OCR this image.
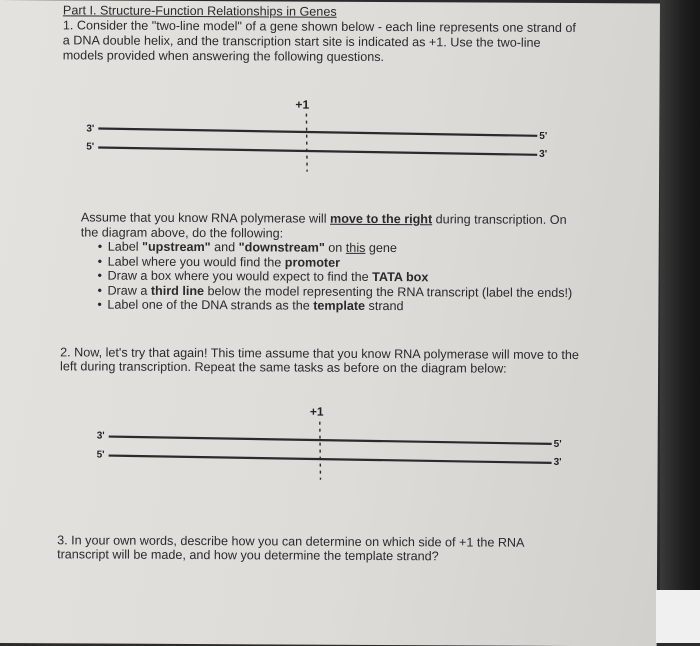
Part I. Structure-Function Relationships in Genes
1. Consider the "two-line model" of a gene shown below - each line represents one strand of
a DNA double helix, and the transcription start site is indicated as +1. Use the two-line
models provided when answering the following questions.
+1
3'
5'
5'
3'
Assume that you know RNA polymerase will move to the right during transcription. On
the diagram above, do the following:
• Label "upstream" and "downstream" on this gene
• Label where you would find the promoter
• Draw a box where you would expect to find the TATA box
• Draw a third line below the model representing the RNA transcript (label the ends!)
• Label one of the DNA strands as the template strand
2. Now, let's try that again! This time assume that you know RNA polymerase will move to the
left during transcription. Repeat the same tasks as before on the diagram below:
+1
3'
5'
5'
3'
3. In your own words, describe how you can determine on which side of +1 the RNA
transcript will be made, and how you determine the template strand?
